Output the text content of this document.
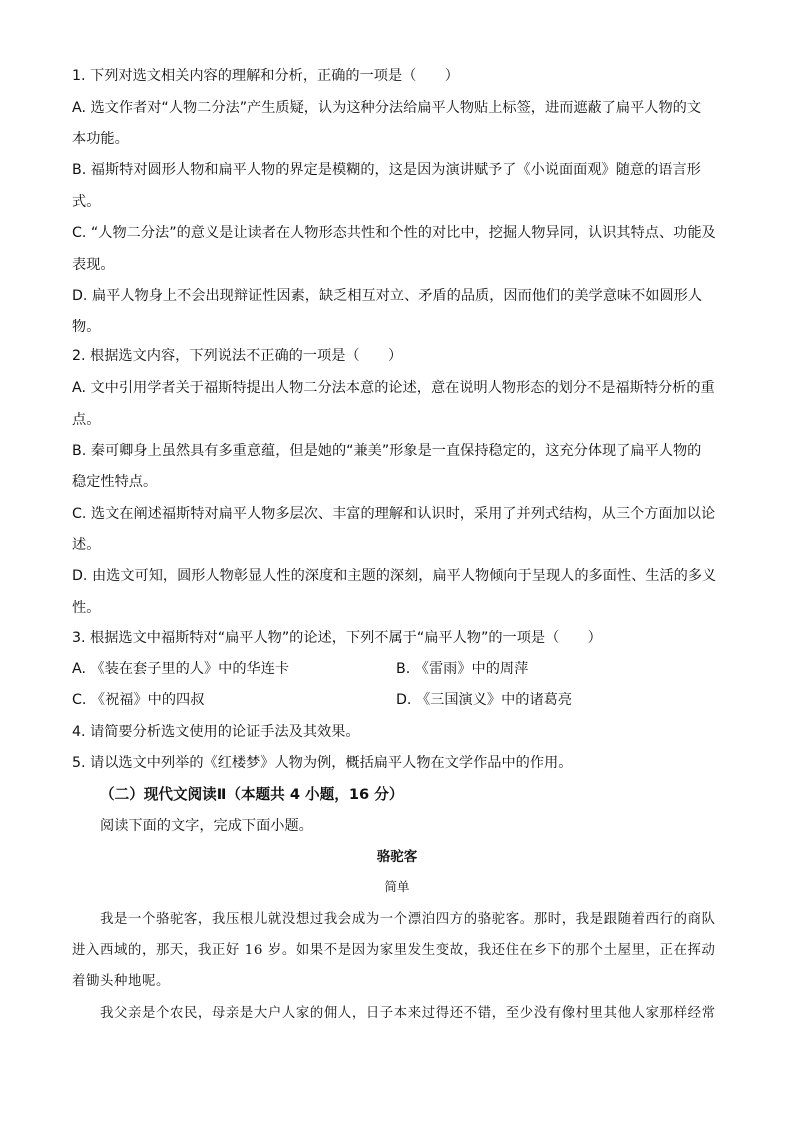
1. 下列对选文相关内容的理解和分析，正确的一项是（　　）

A. 选文作者对“人物二分法”产生质疑，认为这种分法给扁平人物贴上标签，进而遮蔽了扁平人物的文

本功能。

B. 福斯特对圆形人物和扁平人物的界定是模糊的，这是因为演讲赋予了《小说面面观》随意的语言形

式。

C. “人物二分法”的意义是让读者在人物形态共性和个性的对比中，挖掘人物异同，认识其特点、功能及

表现。

D. 扁平人物身上不会出现辩证性因素，缺乏相互对立、矛盾的品质，因而他们的美学意味不如圆形人

物。

2. 根据选文内容，下列说法不正确的一项是（　　）

A. 文中引用学者关于福斯特提出人物二分法本意的论述，意在说明人物形态的划分不是福斯特分析的重

点。

B. 秦可卿身上虽然具有多重意蕴，但是她的“兼美”形象是一直保持稳定的，这充分体现了扁平人物的

稳定性特点。

C. 选文在阐述福斯特对扁平人物多层次、丰富的理解和认识时，采用了并列式结构，从三个方面加以论

述。

D. 由选文可知，圆形人物彰显人性的深度和主题的深刻，扁平人物倾向于呈现人的多面性、生活的多义

性。

3. 根据选文中福斯特对“扁平人物”的论述，下列不属于“扁平人物”的一项是（　　）

A. 《装在套子里的人》中的华连卡	B. 《雷雨》中的周萍

C. 《祝福》中的四叔	D. 《三国演义》中的诸葛亮

4. 请简要分析选文使用的论证手法及其效果。

5. 请以选文中列举的《红楼梦》人物为例，概括扁平人物在文学作品中的作用。

（二）现代文阅读Ⅱ（本题共 4 小题，16 分）

阅读下面的文字，完成下面小题。

骆驼客
简单
我是一个骆驼客，我压根儿就没想过我会成为一个漂泊四方的骆驼客。那时，我是跟随着西行的商队
进入西域的，那天，我正好 16 岁。如果不是因为家里发生变故，我还住在乡下的那个土屋里，正在挥动
着锄头种地呢。
我父亲是个农民，母亲是大户人家的佣人，日子本来过得还不错，至少没有像村里其他人家那样经常
